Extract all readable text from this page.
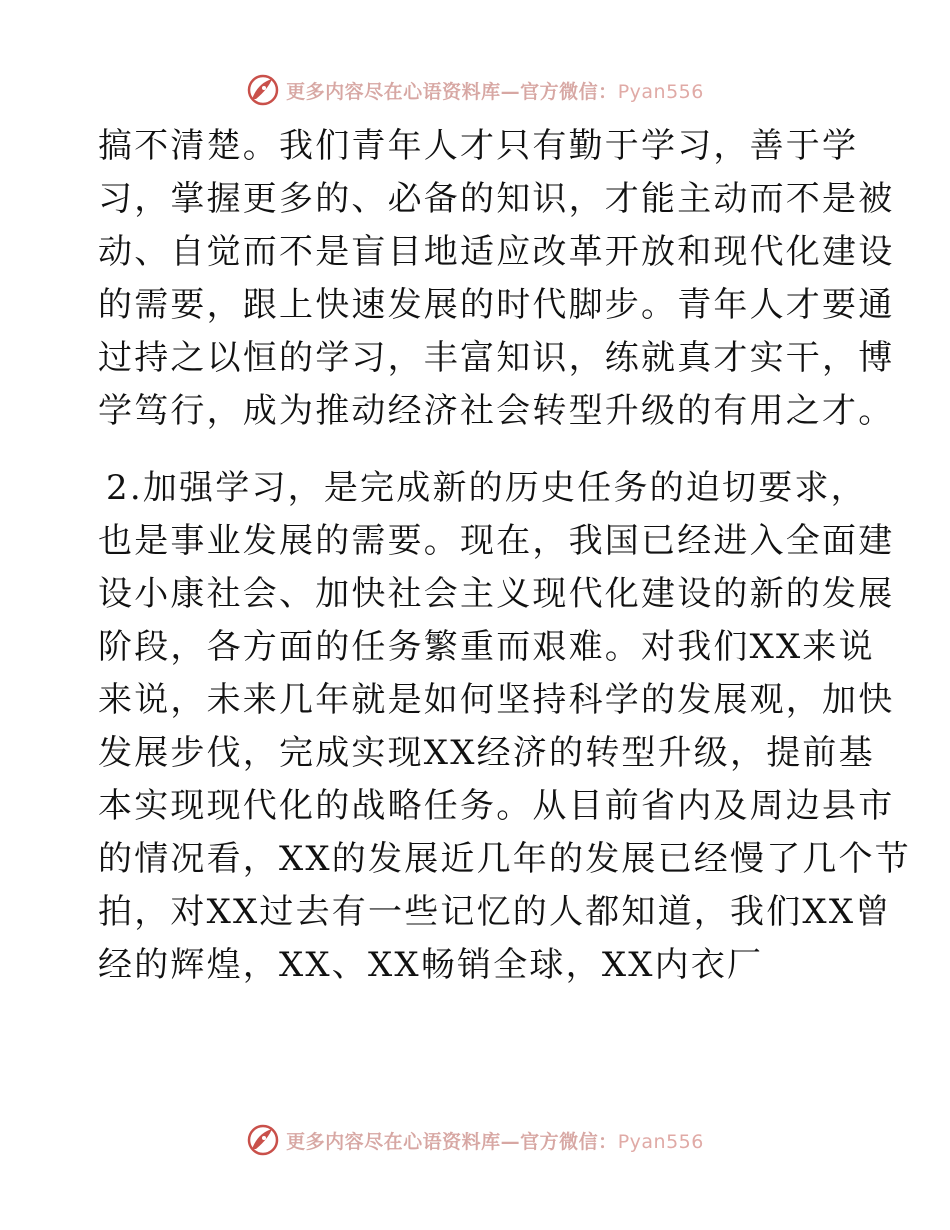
更多内容尽在心语资料库—官方微信：Pyan556

搞不清楚。我们青年人才只有勤于学习，善于学
习，掌握更多的、必备的知识，才能主动而不是被
动、自觉而不是盲目地适应改革开放和现代化建设
的需要，跟上快速发展的时代脚步。青年人才要通
过持之以恒的学习，丰富知识，练就真才实干，博
学笃行，成为推动经济社会转型升级的有用之才。

2.加强学习，是完成新的历史任务的迫切要求，
也是事业发展的需要。现在，我国已经进入全面建
设小康社会、加快社会主义现代化建设的新的发展
阶段，各方面的任务繁重而艰难。对我们XX来说
来说，未来几年就是如何坚持科学的发展观，加快
发展步伐，完成实现XX经济的转型升级，提前基
本实现现代化的战略任务。从目前省内及周边县市
的情况看，XX的发展近几年的发展已经慢了几个节
拍，对XX过去有一些记忆的人都知道，我们XX曾
经的辉煌，XX、XX畅销全球，XX内衣厂

更多内容尽在心语资料库—官方微信：Pyan556
